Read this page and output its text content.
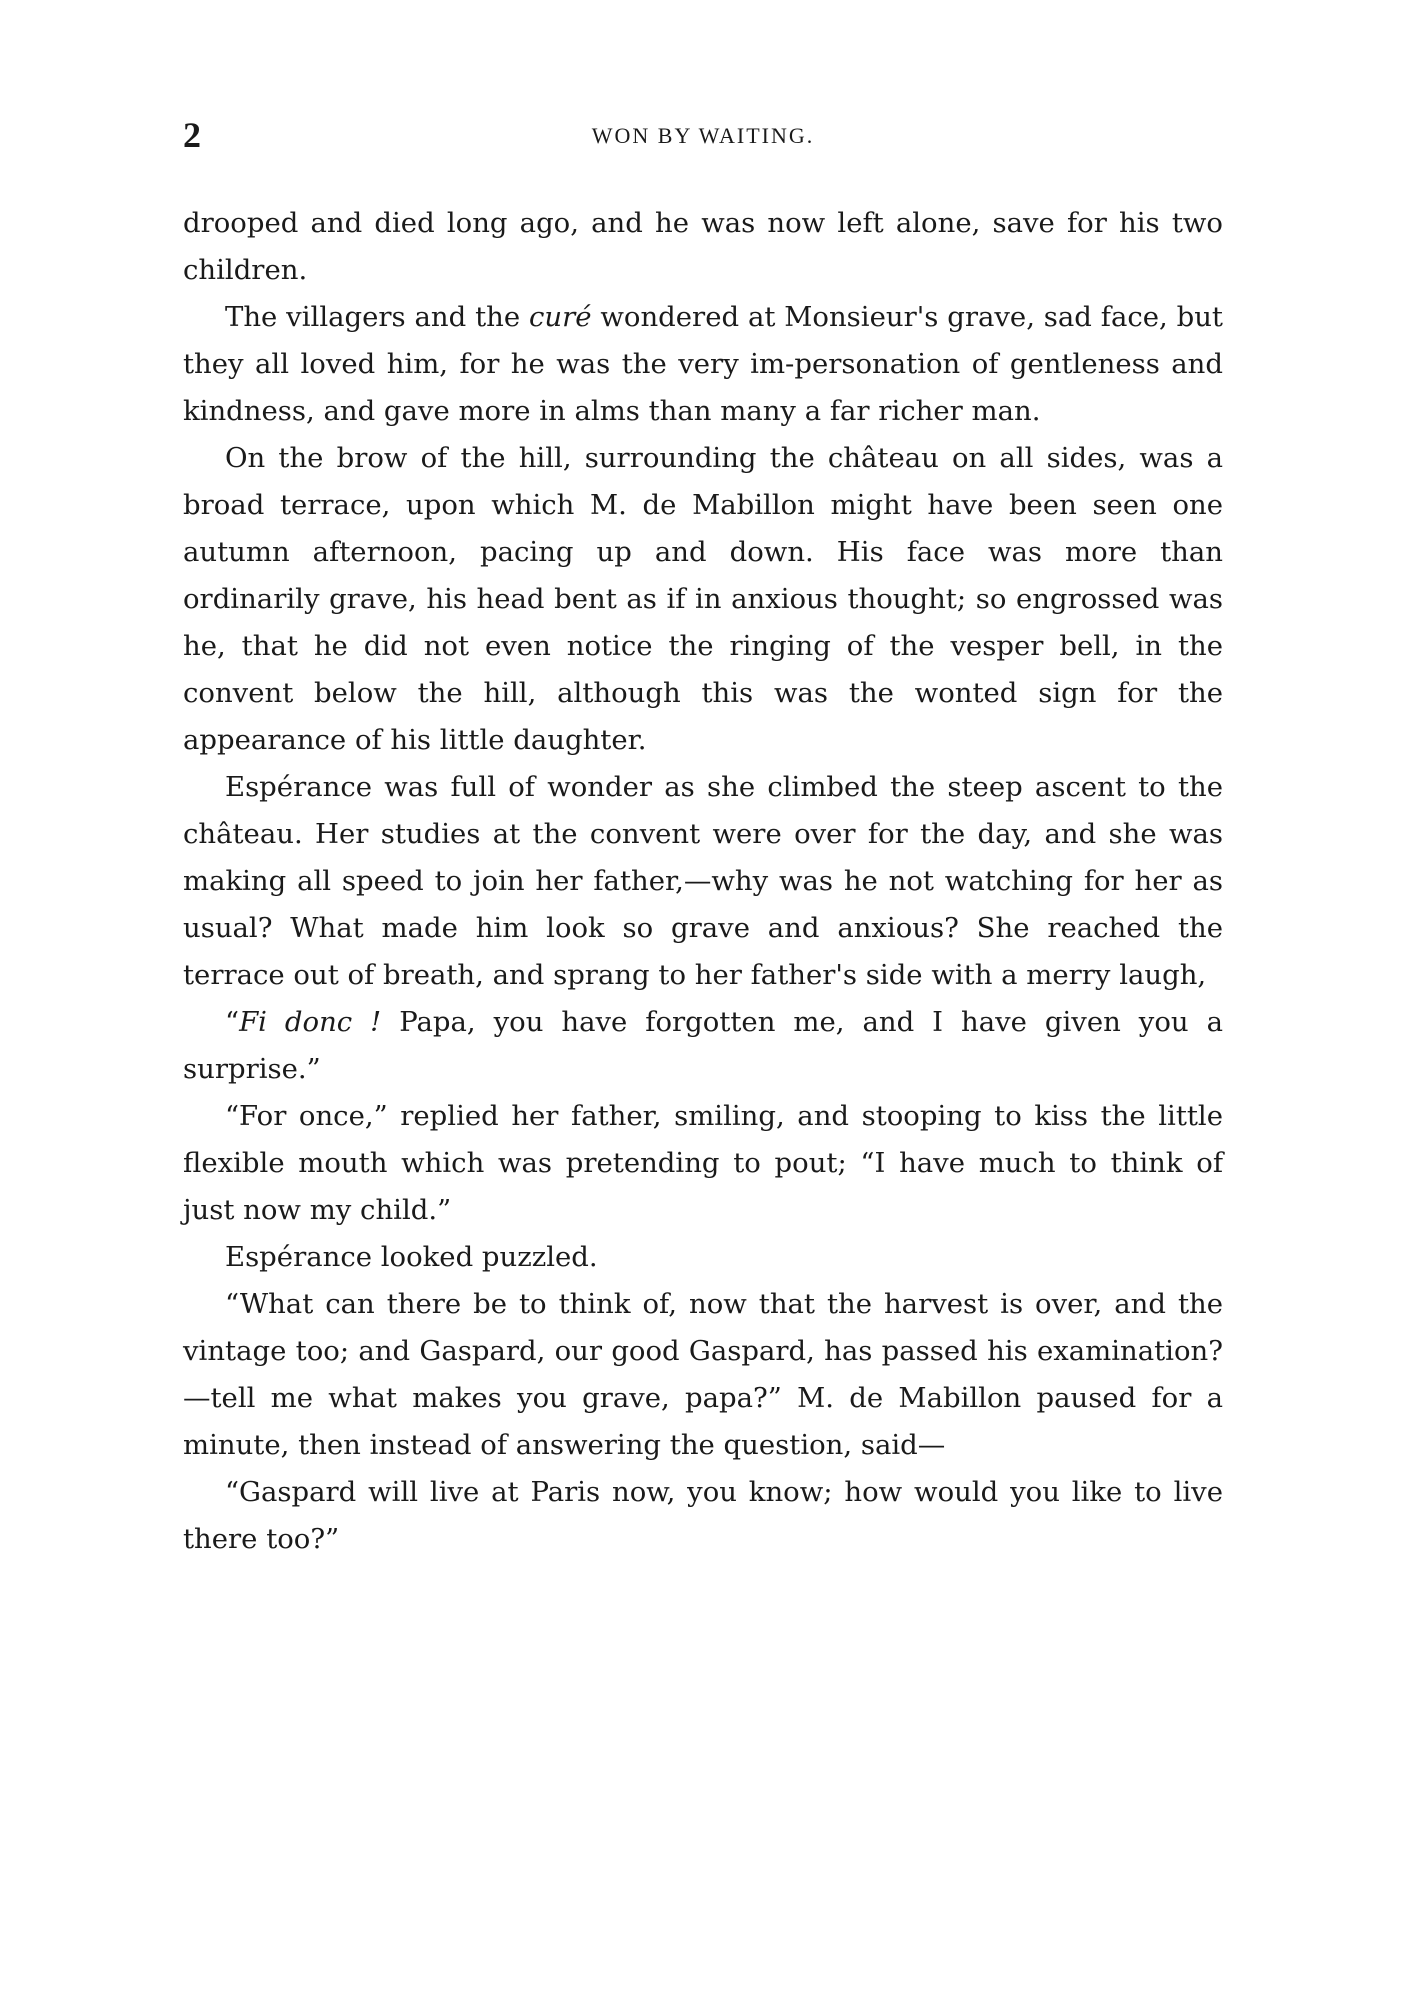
2	WON BY WAITING.

drooped and died long ago, and he was now left alone, save for his two children.

The villagers and the curé wondered at Monsieur's grave, sad face, but they all loved him, for he was the very im-personation of gentleness and kindness, and gave more in alms than many a far richer man.

On the brow of the hill, surrounding the château on all sides, was a broad terrace, upon which M. de Mabillon might have been seen one autumn afternoon, pacing up and down. His face was more than ordinarily grave, his head bent as if in anxious thought; so engrossed was he, that he did not even notice the ringing of the vesper bell, in the convent below the hill, although this was the wonted sign for the appearance of his little daughter.

Espérance was full of wonder as she climbed the steep ascent to the château. Her studies at the convent were over for the day, and she was making all speed to join her father,—why was he not watching for her as usual? What made him look so grave and anxious? She reached the terrace out of breath, and sprang to her father's side with a merry laugh,

“Fi donc ! Papa, you have forgotten me, and I have given you a surprise.”

“For once,” replied her father, smiling, and stooping to kiss the little flexible mouth which was pretending to pout; “I have much to think of just now my child.”

Espérance looked puzzled.

“What can there be to think of, now that the harvest is over, and the vintage too; and Gaspard, our good Gaspard, has passed his examination?—tell me what makes you grave, papa?” M. de Mabillon paused for a minute, then instead of answering the question, said—

“Gaspard will live at Paris now, you know; how would you like to live there too?”
